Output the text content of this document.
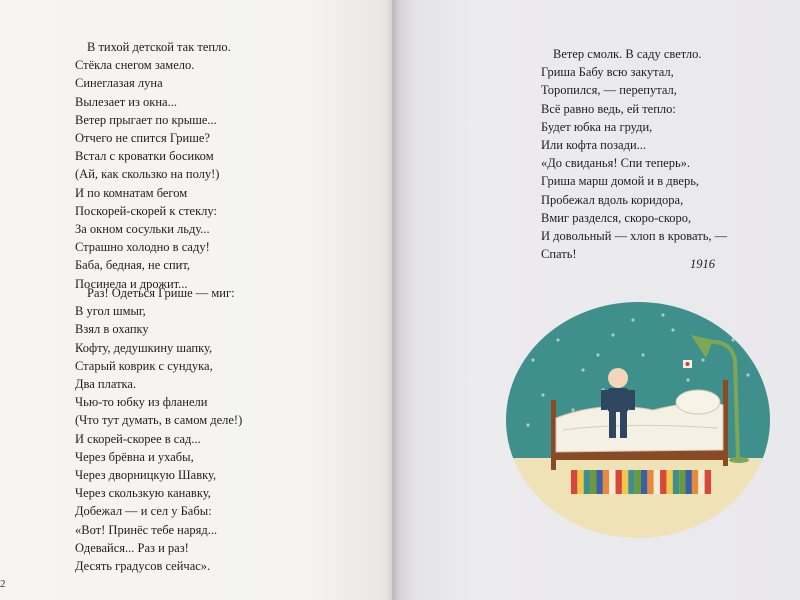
В тихой детской так тепло.
Стёкла снегом замело.
Синеглазая луна
Вылезает из окна...
Ветер прыгает по крыше...
Отчего не спится Грише?
Встал с кроватки босиком
(Ай, как скользко на полу!)
И по комнатам бегом
Поскорей-скорей к стеклу:
За окном сосульки льду...
Страшно холодно в саду!
Баба, бедная, не спит,
Посинела и дрожит...
Раз! Одеться Грише — миг:
В угол шмыг,
Взял в охапку
Кофту, дедушкину шапку,
Старый коврик с сундука,
Два платка.
Чью-то юбку из фланели
(Что тут думать, в самом деле!)
И скорей-скорее в сад...
Через брёвна и ухабы,
Через дворницкую Шавку,
Через скользкую канавку,
Добежал — и сел у Бабы:
«Вот! Принёс тебе наряд...
Одевайся... Раз и раз!
Десять градусов сейчас».
Ветер смолк. В саду светло.
Гриша Бабу всю закутал,
Торопился, — перепутал,
Всё равно ведь, ей тепло:
Будет юбка на груди,
Или кофта позади...
«До свиданья! Спи теперь».
Гриша марш домой и в дверь,
Пробежал вдоль коридора,
Вмиг разделся, скоро-скоро,
И довольный — хлоп в кровать, —
Спать!
1916
2
